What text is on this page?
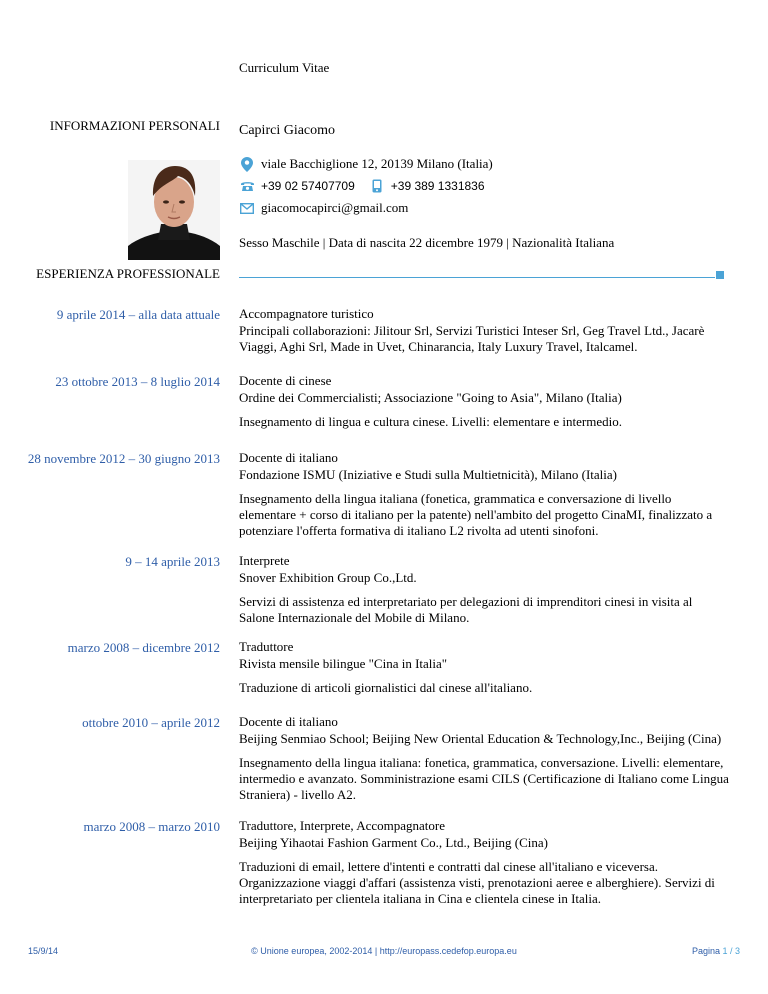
Curriculum Vitae
INFORMAZIONI PERSONALI Capirci Giacomo
viale Bacchiglione 12, 20139 Milano (Italia)
+39 02 57407709	+39 389 1331836
giacomocapirci@gmail.com
Sesso Maschile | Data di nascita 22 dicembre 1979 | Nazionalità Italiana
ESPERIENZA PROFESSIONALE
9 aprile 2014 – alla data attuale Accompagnatore turistico

Principali collaborazioni: Jilitour Srl, Servizi Turistici Inteser Srl, Geg Travel Ltd., Jacarè Viaggi, Aghi Srl, Made in Uvet, Chinarancia, Italy Luxury Travel, Italcamel.

23 ottobre 2013 – 8 luglio 2014 Docente di cinese

Ordine dei Commercialisti; Associazione "Going to Asia", Milano (Italia)

Insegnamento di lingua e cultura cinese. Livelli: elementare e intermedio.

28 novembre 2012 – 30 giugno 2013 Docente di italiano

Fondazione ISMU (Iniziative e Studi sulla Multietnicità), Milano (Italia)

Insegnamento della lingua italiana (fonetica, grammatica e conversazione di livello elementare + corso di italiano per la patente) nell'ambito del progetto CinaMI, finalizzato a potenziare l'offerta formativa di italiano L2 rivolta ad utenti sinofoni.

9 – 14 aprile 2013 Interprete

Snover Exhibition Group Co.,Ltd.

Servizi di assistenza ed interpretariato per delegazioni di imprenditori cinesi in visita al Salone Internazionale del Mobile di Milano.

marzo 2008 – dicembre 2012 Traduttore

Rivista mensile bilingue "Cina in Italia"

Traduzione di articoli giornalistici dal cinese all'italiano.

ottobre 2010 – aprile 2012 Docente di italiano

Beijing Senmiao School; Beijing New Oriental Education & Technology,Inc., Beijing (Cina)

Insegnamento della lingua italiana: fonetica, grammatica, conversazione. Livelli: elementare, intermedio e avanzato. Somministrazione esami CILS (Certificazione di Italiano come Lingua Straniera) - livello A2.

marzo 2008 – marzo 2010 Traduttore, Interprete, Accompagnatore

Beijing Yihaotai Fashion Garment Co., Ltd., Beijing (Cina)

Traduzioni di email, lettere d'intenti e contratti dal cinese all'italiano e viceversa. Organizzazione viaggi d'affari (assistenza visti, prenotazioni aeree e alberghiere). Servizi di interpretariato per clientela italiana in Cina e clientela cinese in Italia.

15/9/14	© Unione europea, 2002-2014 | http://europass.cedefop.europa.eu	Pagina 1 / 3
